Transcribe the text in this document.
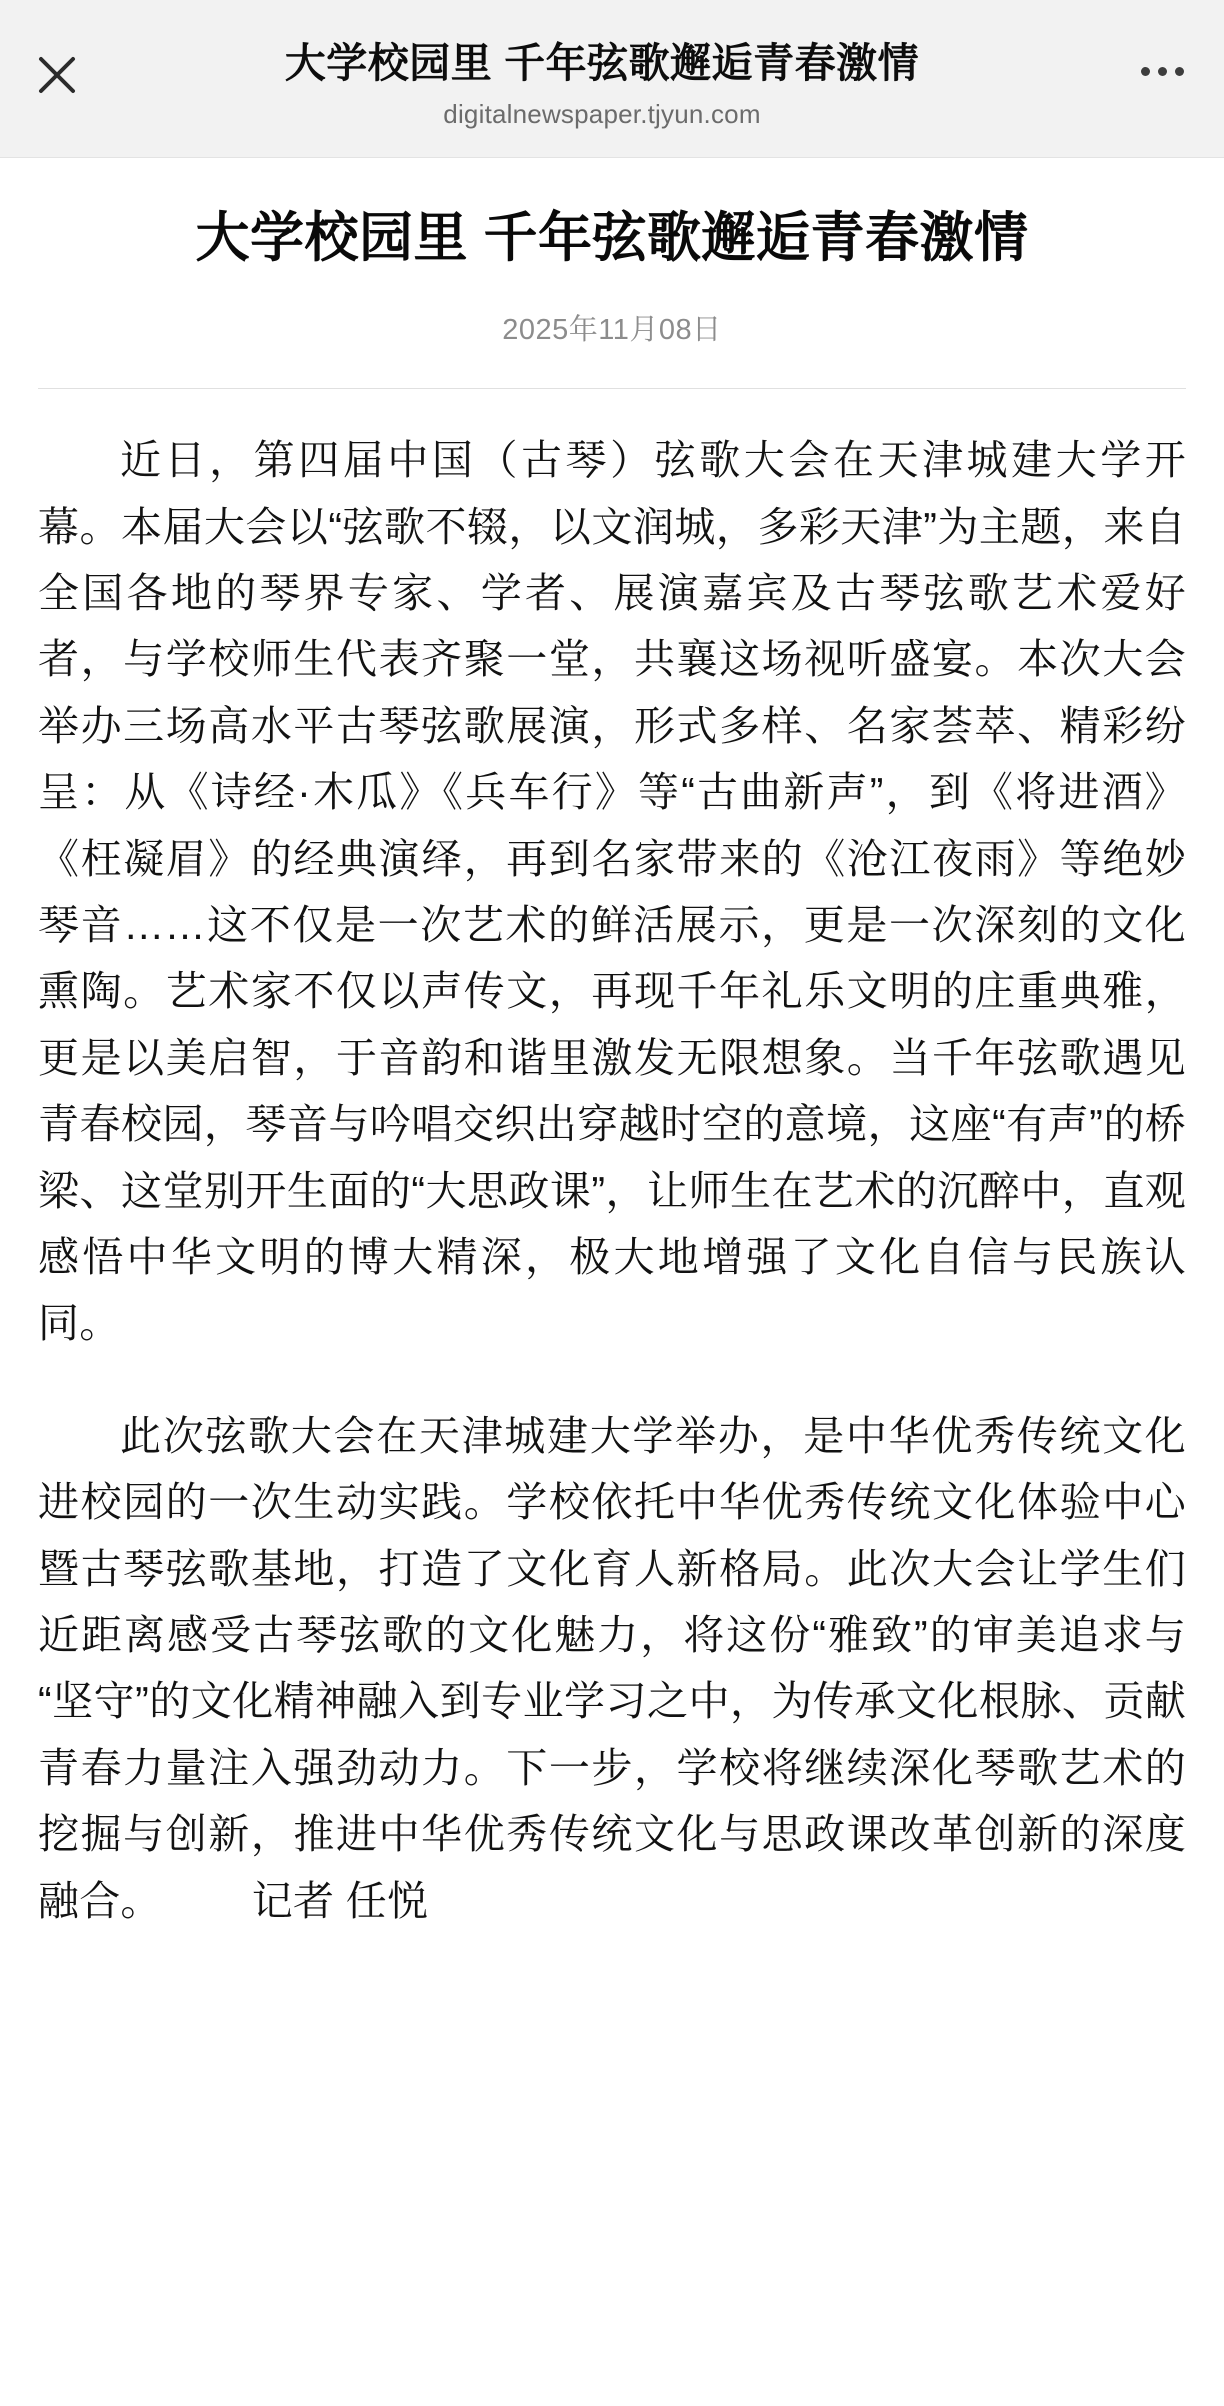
大学校园里 千年弦歌邂逅青春激情
digitalnewspaper.tjyun.com
大学校园里 千年弦歌邂逅青春激情
2025年11月08日

近日，第四届中国（古琴）弦歌大会在天津城建大学开幕。本届大会以“弦歌不辍，以文润城，多彩天津”为主题，来自全国各地的琴界专家、学者、展演嘉宾及古琴弦歌艺术爱好者，与学校师生代表齐聚一堂，共襄这场视听盛宴。本次大会举办三场高水平古琴弦歌展演，形式多样、名家荟萃、精彩纷呈：从《诗经·木瓜》《兵车行》等“古曲新声”，到《将进酒》《枉凝眉》的经典演绎，再到名家带来的《沧江夜雨》等绝妙琴音……这不仅是一次艺术的鲜活展示，更是一次深刻的文化熏陶。艺术家不仅以声传文，再现千年礼乐文明的庄重典雅，更是以美启智，于音韵和谐里激发无限想象。当千年弦歌遇见青春校园，琴音与吟唱交织出穿越时空的意境，这座“有声”的桥梁、这堂别开生面的“大思政课”，让师生在艺术的沉醉中，直观感悟中华文明的博大精深，极大地增强了文化自信与民族认同。

此次弦歌大会在天津城建大学举办，是中华优秀传统文化进校园的一次生动实践。学校依托中华优秀传统文化体验中心暨古琴弦歌基地，打造了文化育人新格局。此次大会让学生们近距离感受古琴弦歌的文化魅力，将这份“雅致”的审美追求与“坚守”的文化精神融入到专业学习之中，为传承文化根脉、贡献青春力量注入强劲动力。下一步，学校将继续深化琴歌艺术的挖掘与创新，推进中华优秀传统文化与思政课改革创新的深度融合。 记者 任悦
